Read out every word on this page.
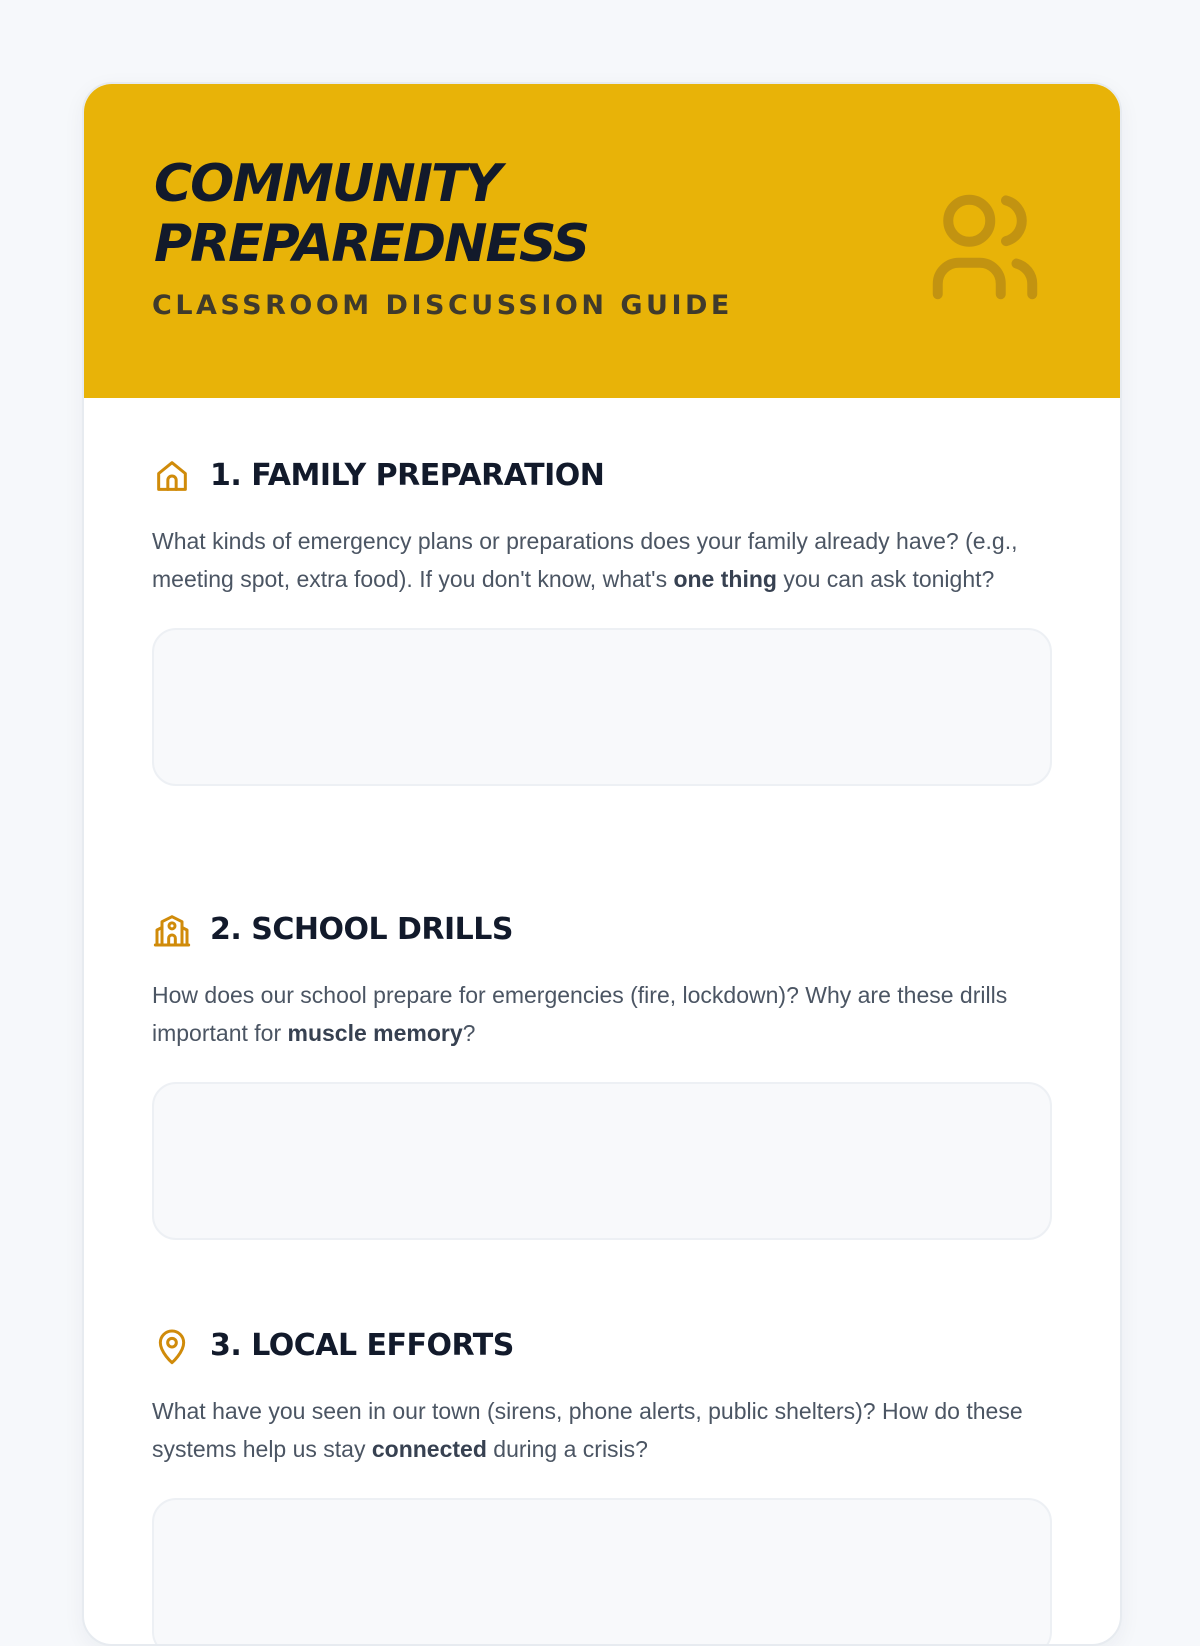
COMMUNITY
PREPAREDNESS
CLASSROOM DISCUSSION GUIDE
1. FAMILY PREPARATION

What kinds of emergency plans or preparations does your family already have? (e.g., meeting spot, extra food). If you don't know, what's one thing you can ask tonight?

2. SCHOOL DRILLS

How does our school prepare for emergencies (fire, lockdown)? Why are these drills important for muscle memory?

3. LOCAL EFFORTS

What have you seen in our town (sirens, phone alerts, public shelters)? How do these systems help us stay connected during a crisis?
